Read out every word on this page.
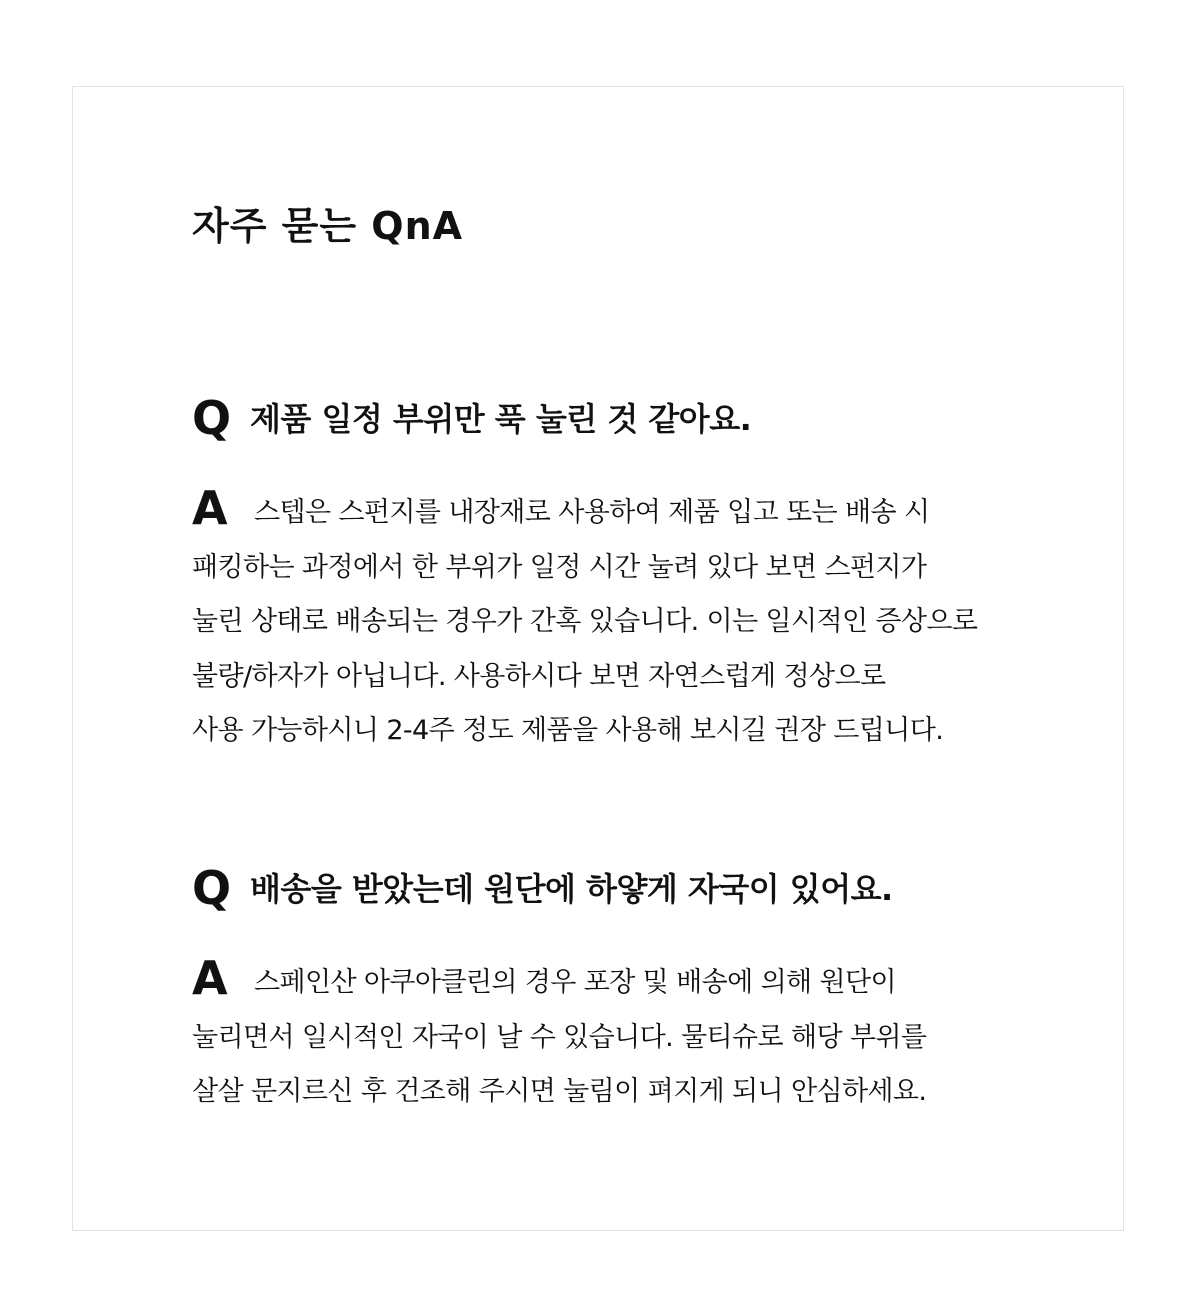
자주 묻는 QnA
Q 제품 일정 부위만 푹 눌린 것 같아요.
A 스텝은 스펀지를 내장재로 사용하여 제품 입고 또는 배송 시
패킹하는 과정에서 한 부위가 일정 시간 눌려 있다 보면 스펀지가
눌린 상태로 배송되는 경우가 간혹 있습니다. 이는 일시적인 증상으로
불량/하자가 아닙니다. 사용하시다 보면 자연스럽게 정상으로
사용 가능하시니 2-4주 정도 제품을 사용해 보시길 권장 드립니다.
Q 배송을 받았는데 원단에 하얗게 자국이 있어요.
A 스페인산 아쿠아클린의 경우 포장 및 배송에 의해 원단이
눌리면서 일시적인 자국이 날 수 있습니다. 물티슈로 해당 부위를
살살 문지르신 후 건조해 주시면 눌림이 펴지게 되니 안심하세요.
